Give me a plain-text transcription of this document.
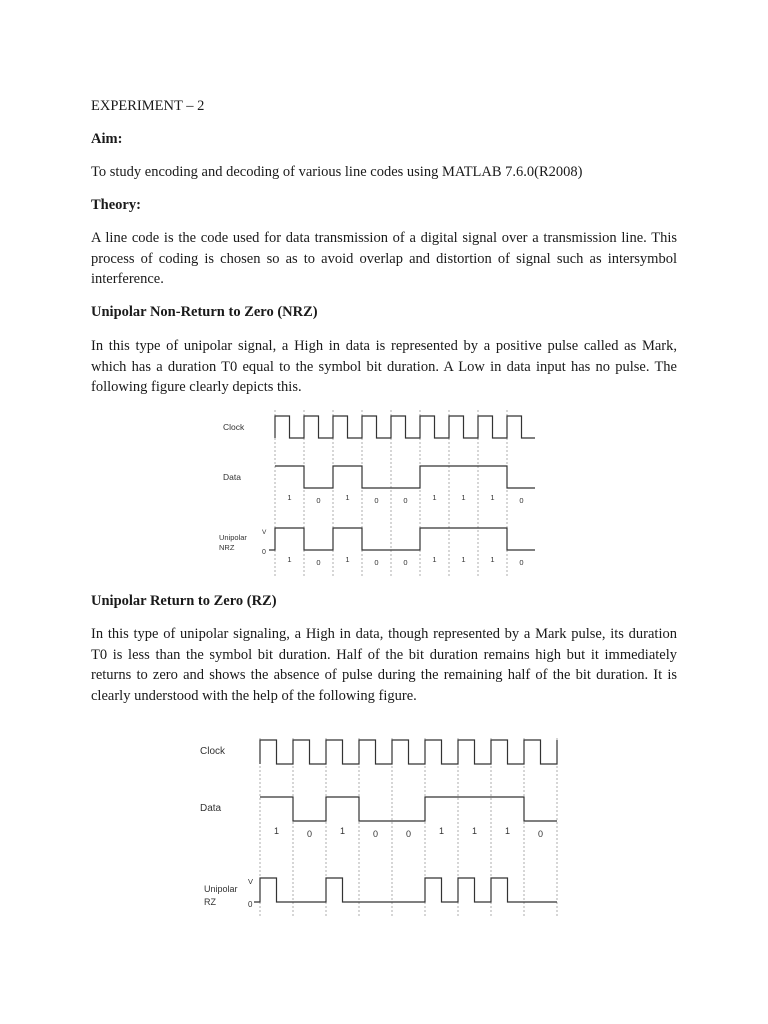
EXPERIMENT – 2

Aim:

To study encoding and decoding of various line codes using MATLAB 7.6.0(R2008)

Theory:

A line code is the code used for data transmission of a digital signal over a transmission line. This process of coding is chosen so as to avoid overlap and distortion of signal such as intersymbol interference.

Unipolar Non-Return to Zero (NRZ)

In this type of unipolar signal, a High in data is represented by a positive pulse called as Mark, which has a duration T0 equal to the symbol bit duration. A Low in data input has no pulse. The following figure clearly depicts this.

Clock
Data
Unipolar
NRZ
V
0
1	0	1	0	0	1	1	1	0
1	0	1	0	0	1	1	1	0

Unipolar Return to Zero (RZ)

In this type of unipolar signaling, a High in data, though represented by a Mark pulse, its duration T0 is less than the symbol bit duration. Half of the bit duration remains high but it immediately returns to zero and shows the absence of pulse during the remaining half of the bit duration. It is clearly understood with the help of the following figure.

Clock
Data
Unipolar
RZ
V
0
1	0	1	0	0	1	1	1	0
